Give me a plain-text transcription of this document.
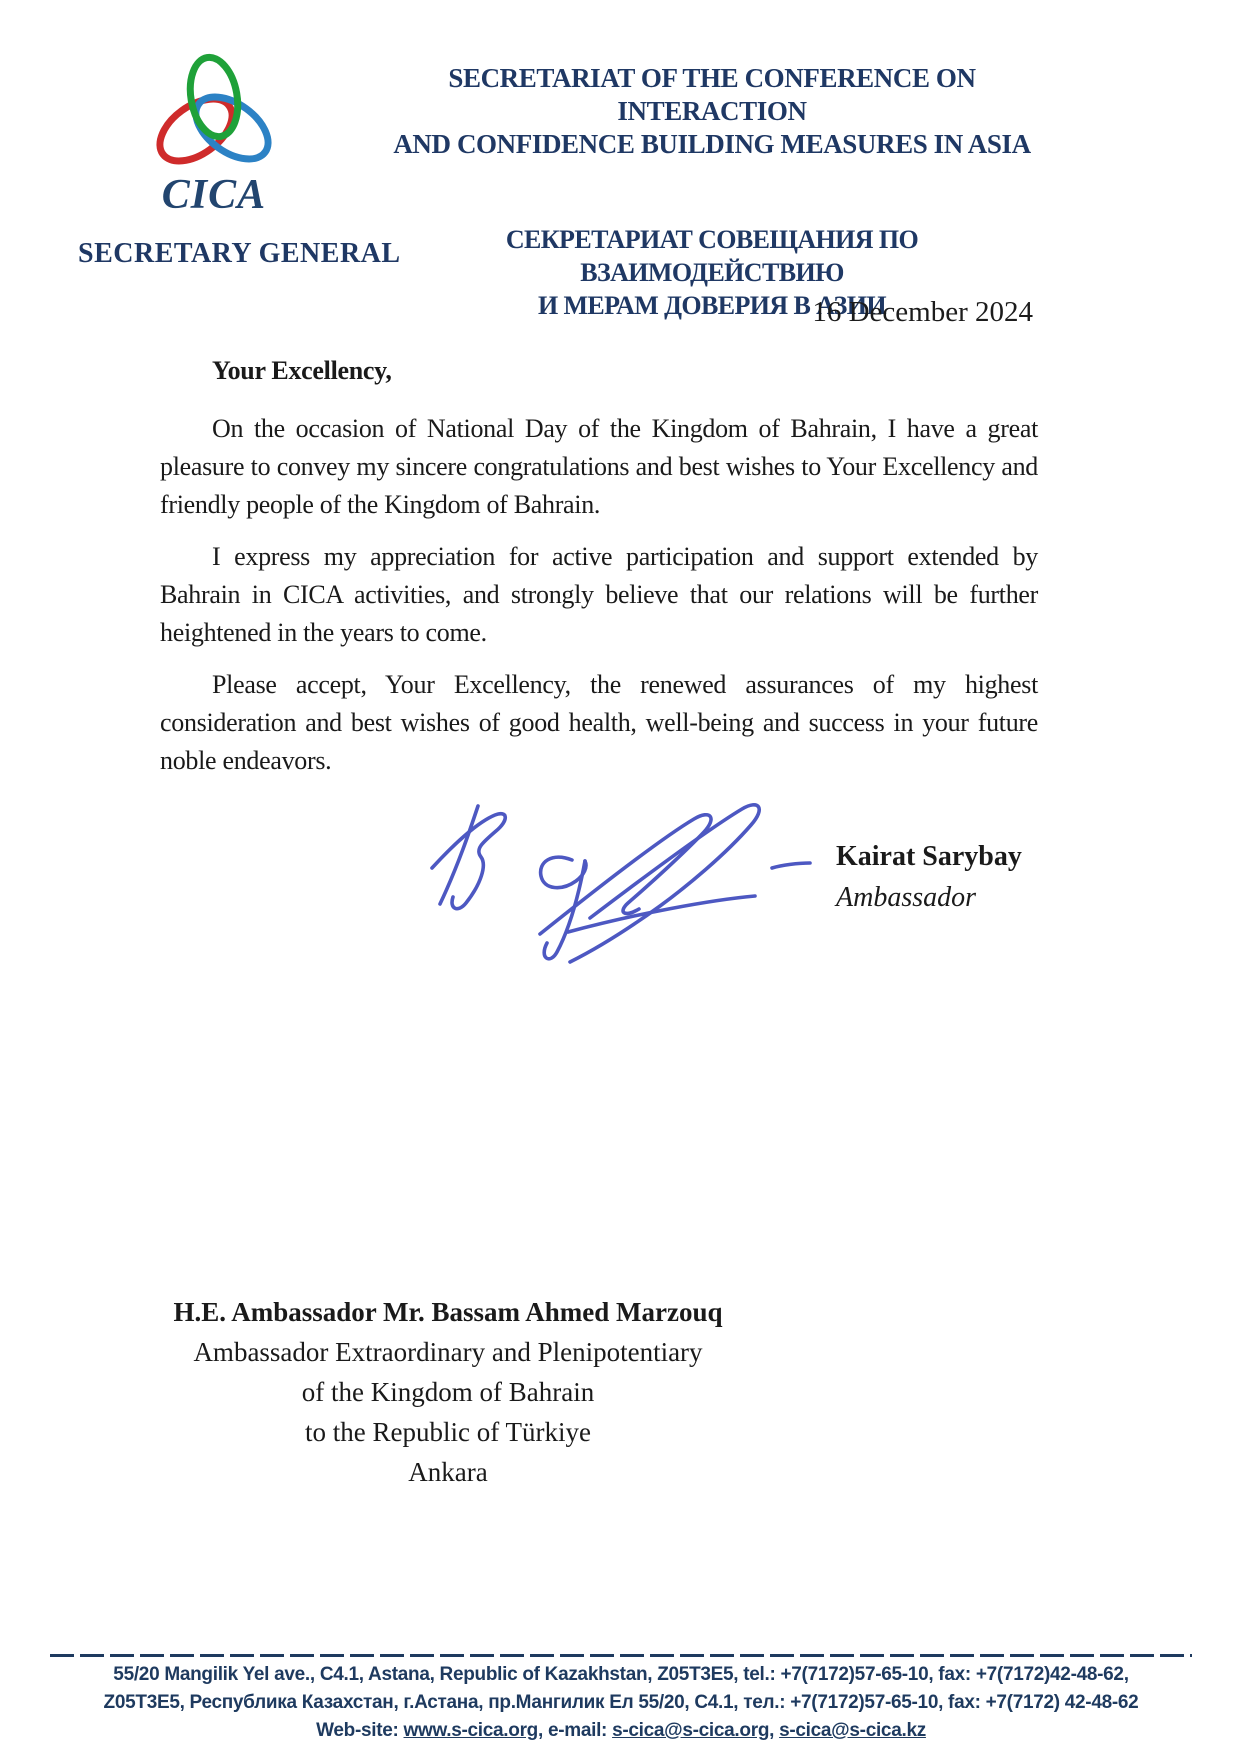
CICA
SECRETARY GENERAL
SECRETARIAT OF THE CONFERENCE ON INTERACTION
AND CONFIDENCE BUILDING MEASURES IN ASIA
СЕКРЕТАРИАТ СОВЕЩАНИЯ ПО ВЗАИМОДЕЙСТВИЮ
И МЕРАМ ДОВЕРИЯ В АЗИИ
16 December 2024

Your Excellency,

On the occasion of National Day of the Kingdom of Bahrain, I have a great pleasure to convey my sincere congratulations and best wishes to Your Excellency and friendly people of the Kingdom of Bahrain.

I express my appreciation for active participation and support extended by Bahrain in CICA activities, and strongly believe that our relations will be further heightened in the years to come.

Please accept, Your Excellency, the renewed assurances of my highest consideration and best wishes of good health, well-being and success in your future noble endeavors.

Kairat Sarybay
Ambassador
H.E. Ambassador Mr. Bassam Ahmed Marzouq
Ambassador Extraordinary and Plenipotentiary
of the Kingdom of Bahrain
to the Republic of Türkiye
Ankara
55/20 Mangilik Yel ave., C4.1, Astana, Republic of Kazakhstan, Z05T3E5, tel.: +7(7172)57-65-10, fax: +7(7172)42-48-62,
Z05T3E5, Республика Казахстан, г.Астана, пр.Мангилик Ел 55/20, С4.1, тел.: +7(7172)57-65-10, fax: +7(7172) 42-48-62
Web-site: www.s-cica.org, e-mail: s-cica@s-cica.org, s-cica@s-cica.kz
